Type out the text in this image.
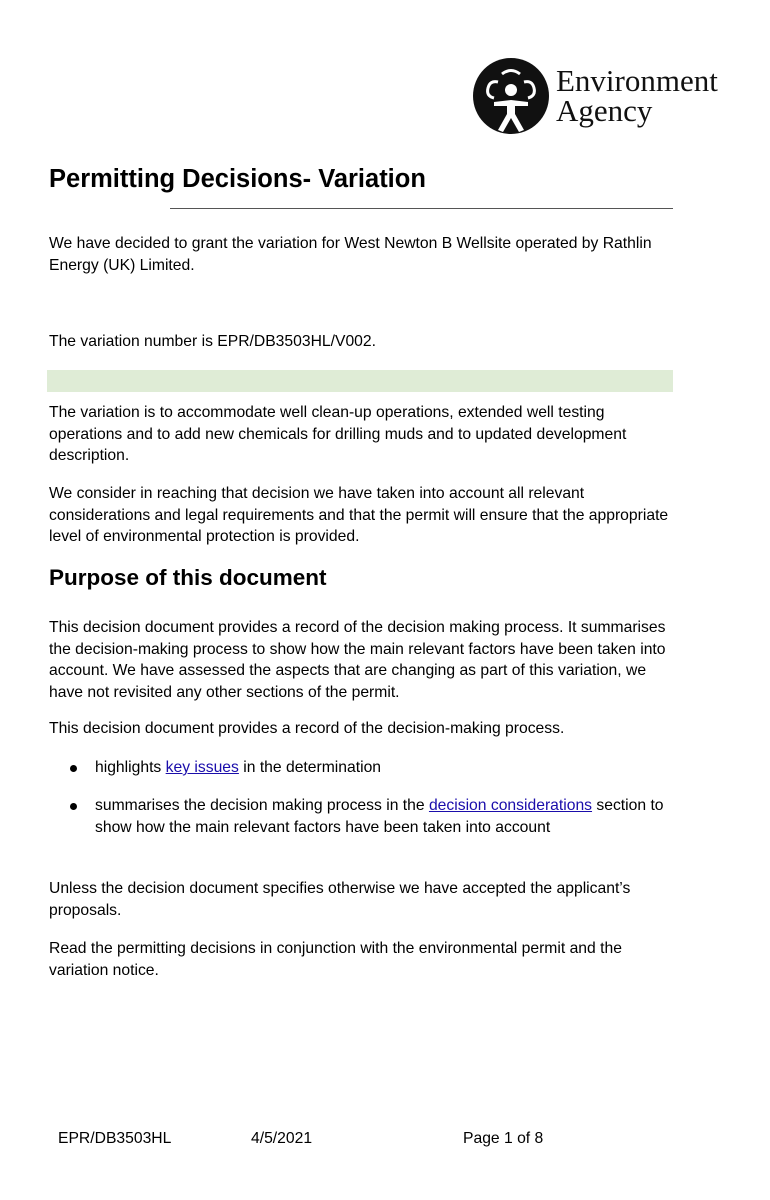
Environment
Agency
Permitting Decisions- Variation

We have decided to grant the variation for West Newton B Wellsite operated by Rathlin Energy (UK) Limited.

The variation number is EPR/DB3503HL/V002.

The variation is to accommodate well clean-up operations, extended well testing operations and to add new chemicals for drilling muds and to updated development description.

We consider in reaching that decision we have taken into account all relevant considerations and legal requirements and that the permit will ensure that the appropriate level of environmental protection is provided.

Purpose of this document

This decision document provides a record of the decision making process. It summarises the decision-making process to show how the main relevant factors have been taken into account. We have assessed the aspects that are changing as part of this variation, we have not revisited any other sections of the permit.

This decision document provides a record of the decision-making process.

highlights key issues in the determination
summarises the decision making process in the decision considerations section to show how the main relevant factors have been taken into account

Unless the decision document specifies otherwise we have accepted the applicant’s proposals.

Read the permitting decisions in conjunction with the environmental permit and the variation notice.

EPR/DB3503HL	4/5/2021	Page 1 of 8
